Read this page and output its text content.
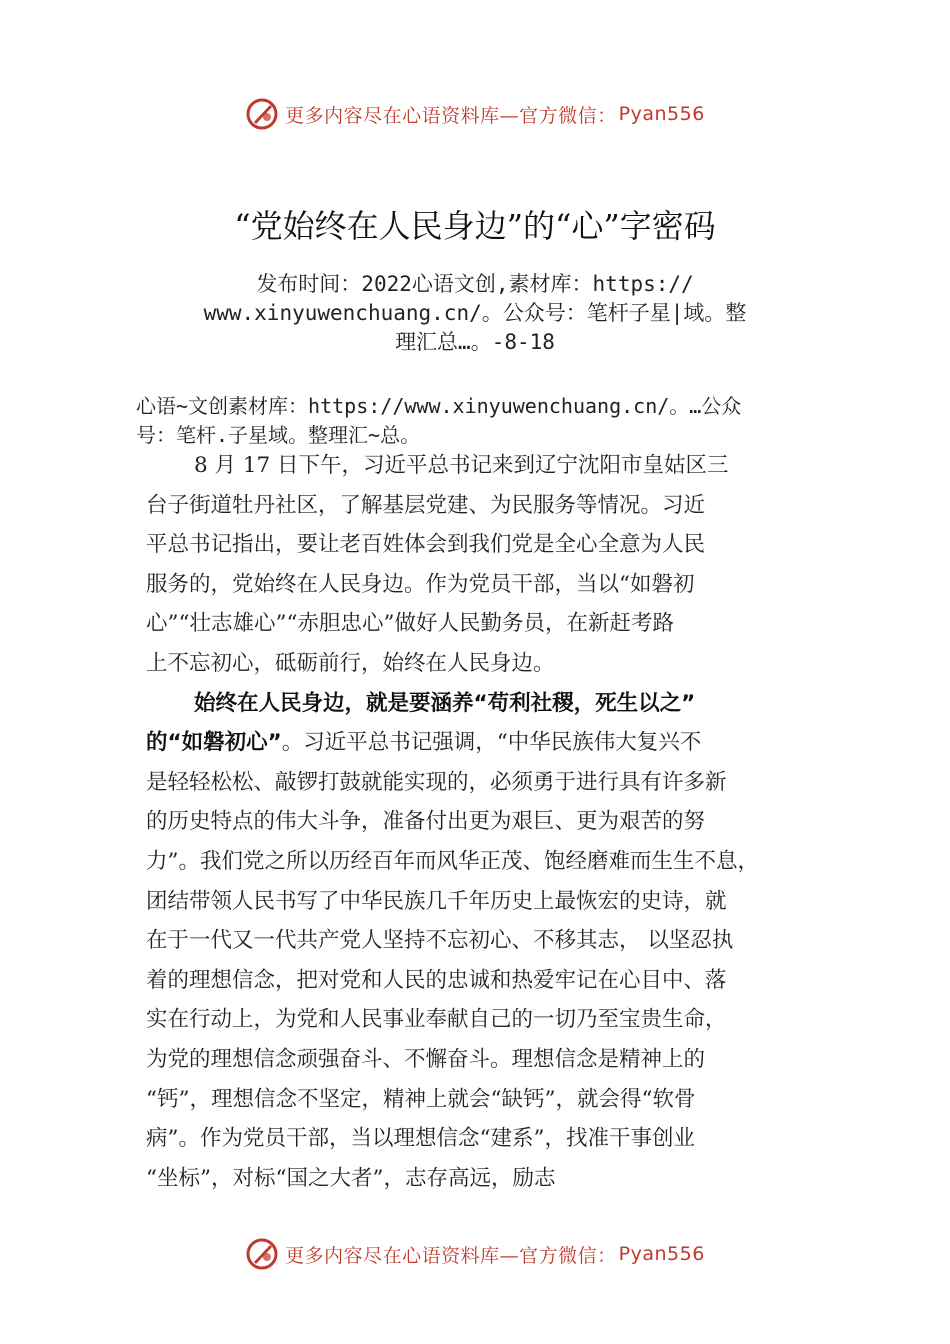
更多内容尽在心语资料库—官方微信： Pyan556
“党始终在人民身边”的“心”字密码
发布时间：2022心语文创,素材库：https://
www.xinyuwenchuang.cn/。公众号：笔杆子星|域。整
理汇总…。-8-18
心语~文创素材库：https://www.xinyuwenchuang.cn/。…公众
号：笔杆.子星域。整理汇~总。
8 月 17 日下午，习近平总书记来到辽宁沈阳市皇姑区三
台子街道牡丹社区，了解基层党建、为民服务等情况。习近
平总书记指出，要让老百姓体会到我们党是全心全意为人民
服务的，党始终在人民身边。作为党员干部，当以“如磐初
心”“壮志雄心”“赤胆忠心”做好人民勤务员，在新赶考路
上不忘初心，砥砺前行，始终在人民身边。
始终在人民身边，就是要涵养“苟利社稷，死生以之”
的“如磐初心”。习近平总书记强调，“中华民族伟大复兴不
是轻轻松松、敲锣打鼓就能实现的，必须勇于进行具有许多新
的历史特点的伟大斗争，准备付出更为艰巨、更为艰苦的努
力”。我们党之所以历经百年而风华正茂、饱经磨难而生生不息，
团结带领人民书写了中华民族几千年历史上最恢宏的史诗，就
在于一代又一代共产党人坚持不忘初心、不移其志， 以坚忍执
着的理想信念，把对党和人民的忠诚和热爱牢记在心目中、落
实在行动上，为党和人民事业奉献自己的一切乃至宝贵生命，
为党的理想信念顽强奋斗、不懈奋斗。理想信念是精神上的
“钙”，理想信念不坚定，精神上就会“缺钙”，就会得“软骨
病”。作为党员干部，当以理想信念“建系”，找准干事创业
“坐标”，对标“国之大者”，志存高远，励志
更多内容尽在心语资料库—官方微信： Pyan556
